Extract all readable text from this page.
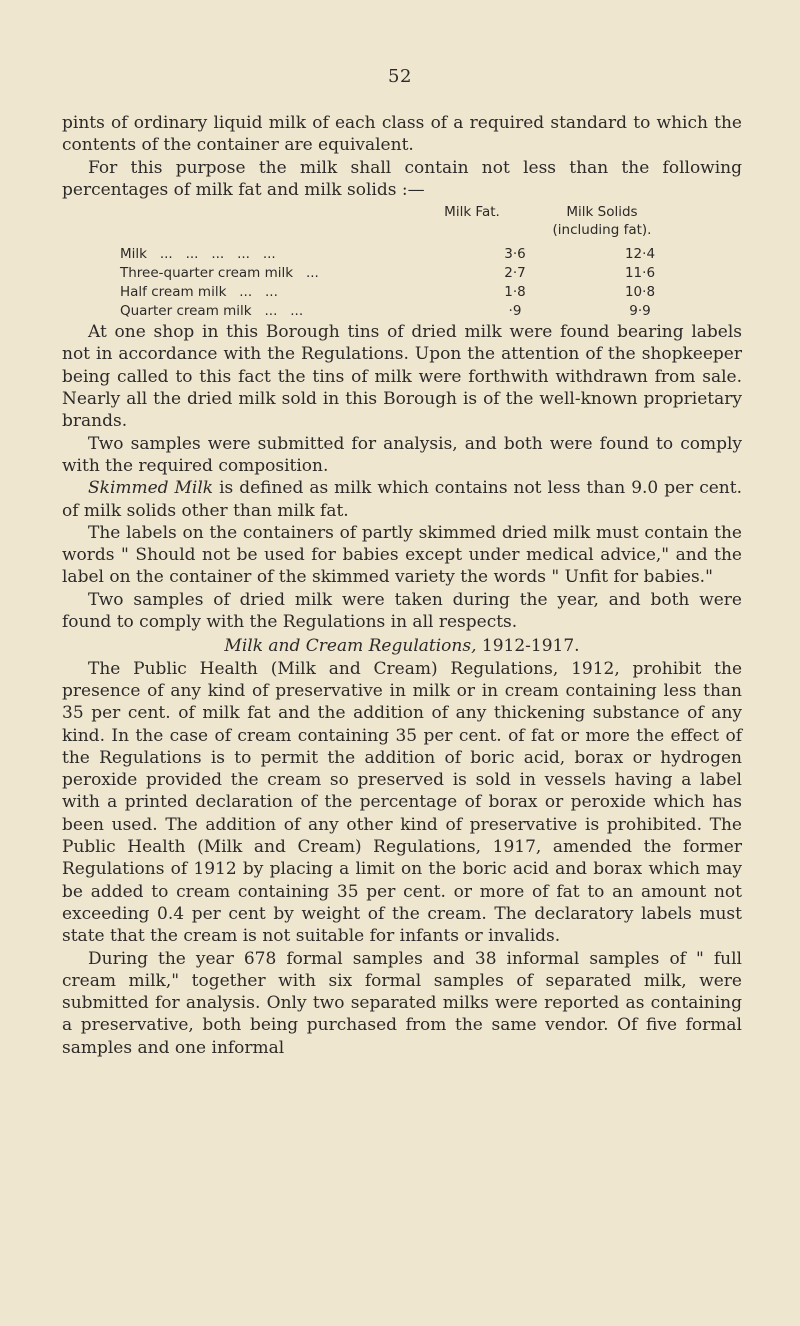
52

pints of ordinary liquid milk of each class of a required standard to which the contents of the container are equivalent.

For this purpose the milk shall contain not less than the following percentages of milk fat and milk solids :—

Milk Fat.	Milk Solids
(including fat).
Milk   ...   ...   ...   ...   ...	3·6	12·4
Three-quarter cream milk   ...	2·7	11·6
Half cream milk   ...   ...	1·8	10·8
Quarter cream milk   ...   ...	·9	9·9

At one shop in this Borough tins of dried milk were found bearing labels not in accordance with the Regulations. Upon the attention of the shopkeeper being called to this fact the tins of milk were forthwith withdrawn from sale. Nearly all the dried milk sold in this Borough is of the well-known proprietary brands.

Two samples were submitted for analysis, and both were found to comply with the required composition.

Skimmed Milk is defined as milk which contains not less than 9.0 per cent. of milk solids other than milk fat.

The labels on the containers of partly skimmed dried milk must contain the words " Should not be used for babies except under medical advice," and the label on the container of the skimmed variety the words " Unfit for babies."

Two samples of dried milk were taken during the year, and both were found to comply with the Regulations in all respects.

Milk and Cream Regulations, 1912-1917.

The Public Health (Milk and Cream) Regulations, 1912, prohibit the presence of any kind of preservative in milk or in cream containing less than 35 per cent. of milk fat and the addition of any thickening substance of any kind. In the case of cream containing 35 per cent. of fat or more the effect of the Regulations is to permit the addition of boric acid, borax or hydrogen peroxide provided the cream so preserved is sold in vessels having a label with a printed declaration of the percentage of borax or peroxide which has been used. The addition of any other kind of preservative is prohibited. The Public Health (Milk and Cream) Regulations, 1917, amended the former Regulations of 1912 by placing a limit on the boric acid and borax which may be added to cream containing 35 per cent. or more of fat to an amount not exceeding 0.4 per cent by weight of the cream. The declaratory labels must state that the cream is not suitable for infants or invalids.

During the year 678 formal samples and 38 informal samples of " full cream milk," together with six formal samples of separated milk, were submitted for analysis. Only two separated milks were reported as containing a preservative, both being purchased from the same vendor. Of five formal samples and one informal
